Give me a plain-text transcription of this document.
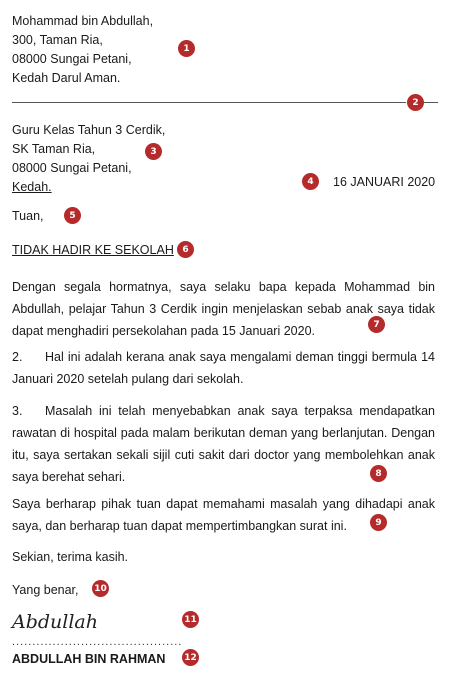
Mohammad bin Abdullah,
300, Taman Ria,
08000 Sungai Petani,
Kedah Darul Aman.
1
2
Guru Kelas Tahun 3 Cerdik,
SK Taman Ria,
08000 Sungai Petani,
Kedah.
3
4	16 JANUARI 2020
Tuan,	5
TIDAK HADIR KE SEKOLAH 6
Dengan segala hormatnya, saya selaku bapa kepada Mohammad bin Abdullah, pelajar Tahun 3 Cerdik ingin menjelaskan sebab anak saya tidak dapat menghadiri persekolahan pada 15 Januari 2020.	7
2. Hal ini adalah kerana anak saya mengalami deman tinggi bermula 14 Januari 2020 setelah pulang dari sekolah.
3. Masalah ini telah menyebabkan anak saya terpaksa mendapatkan rawatan di hospital pada malam berikutan deman yang berlanjutan. Dengan itu, saya sertakan sekali sijil cuti sakit dari doctor yang membolehkan anak saya berehat sehari.	8
Saya berharap pihak tuan dapat memahami masalah yang dihadapi anak saya, dan berharap tuan dapat mempertimbangkan surat ini.	9
Sekian, terima kasih.
Yang benar, 10
Abdullah	11
..........................................
ABDULLAH BIN RAHMAN 12
